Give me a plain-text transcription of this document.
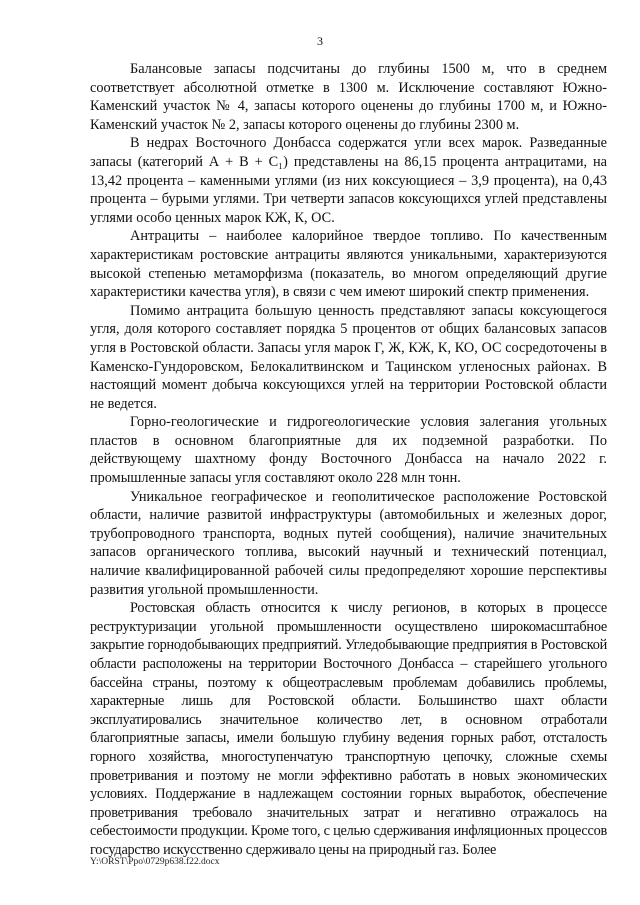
3

Балансовые запасы подсчитаны до глубины 1500 м, что в среднем соответствует абсолютной отметке в 1300 м. Исключение составляют Южно-Каменский участок № 4, запасы которого оценены до глубины 1700 м, и Южно-Каменский участок № 2, запасы которого оценены до глубины 2300 м.

В недрах Восточного Донбасса содержатся угли всех марок. Разведанные запасы (категорий А + В + С₁) представлены на 86,15 процента антрацитами, на 13,42 процента – каменными углями (из них коксующиеся – 3,9 процента), на 0,43 процента – бурыми углями. Три четверти запасов коксующихся углей представлены углями особо ценных марок КЖ, К, ОС.

Антрациты – наиболее калорийное твердое топливо. По качественным характеристикам ростовские антрациты являются уникальными, характеризуются высокой степенью метаморфизма (показатель, во многом определяющий другие характеристики качества угля), в связи с чем имеют широкий спектр применения.

Помимо антрацита большую ценность представляют запасы коксующегося угля, доля которого составляет порядка 5 процентов от общих балансовых запасов угля в Ростовской области. Запасы угля марок Г, Ж, КЖ, К, КО, ОС сосредоточены в Каменско-Гундоровском, Белокалитвинском и Тацинском угленосных районах. В настоящий момент добыча коксующихся углей на территории Ростовской области не ведется.

Горно-геологические и гидрогеологические условия залегания угольных пластов в основном благоприятные для их подземной разработки. По действующему шахтному фонду Восточного Донбасса на начало 2022 г. промышленные запасы угля составляют около 228 млн тонн.

Уникальное географическое и геополитическое расположение Ростовской области, наличие развитой инфраструктуры (автомобильных и железных дорог, трубопроводного транспорта, водных путей сообщения), наличие значительных запасов органического топлива, высокий научный и технический потенциал, наличие квалифицированной рабочей силы предопределяют хорошие перспективы развития угольной промышленности.

Ростовская область относится к числу регионов, в которых в процессе реструктуризации угольной промышленности осуществлено широкомасштабное закрытие горнодобывающих предприятий. Угледобывающие предприятия в Ростовской области расположены на территории Восточного Донбасса – старейшего угольного бассейна страны, поэтому к общеотраслевым проблемам добавились проблемы, характерные лишь для Ростовской области. Большинство шахт области эксплуатировались значительное количество лет, в основном отработали благоприятные запасы, имели большую глубину ведения горных работ, отсталость горного хозяйства, многоступенчатую транспортную цепочку, сложные схемы проветривания и поэтому не могли эффективно работать в новых экономических условиях. Поддержание в надлежащем состоянии горных выработок, обеспечение проветривания требовало значительных затрат и негативно отражалось на себестоимости продукции. Кроме того, с целью сдерживания инфляционных процессов государство искусственно сдерживало цены на природный газ. Более

Y:\ORST\Ppo\0729p638.f22.docx
